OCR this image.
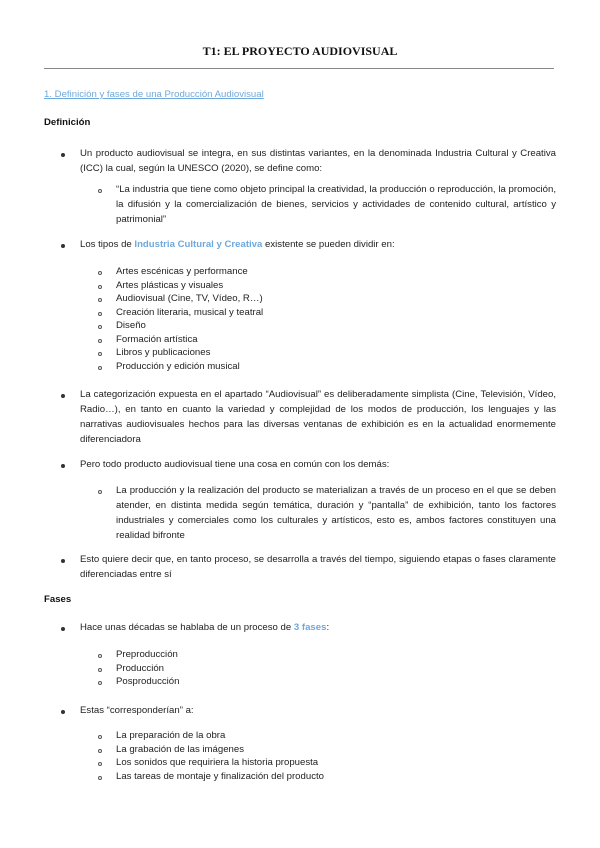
T1: EL PROYECTO AUDIOVISUAL
1. Definición y fases de una Producción Audiovisual
Definición
Un producto audiovisual se integra, en sus distintas variantes, en la denominada Industria Cultural y Creativa (ICC) la cual, según la UNESCO (2020), se define como:
“La industria que tiene como objeto principal la creatividad, la producción o reproducción, la promoción, la difusión y la comercialización de bienes, servicios y actividades de contenido cultural, artístico y patrimonial”
Los tipos de Industria Cultural y Creativa existente se pueden dividir en:
Artes escénicas y performance
Artes plásticas y visuales
Audiovisual (Cine, TV, Vídeo, R…)
Creación literaria, musical y teatral
Diseño
Formación artística
Libros y publicaciones
Producción y edición musical
La categorización expuesta en el apartado “Audiovisual” es deliberadamente simplista (Cine, Televisión, Vídeo, Radio…), en tanto en cuanto la variedad y complejidad de los modos de producción, los lenguajes y las narrativas audiovisuales hechos para las diversas ventanas de exhibición es en la actualidad enormemente diferenciadora
Pero todo producto audiovisual tiene una cosa en común con los demás:
La producción y la realización del producto se materializan a través de un proceso en el que se deben atender, en distinta medida según temática, duración y “pantalla” de exhibición, tanto los factores industriales y comerciales como los culturales y artísticos, esto es, ambos factores constituyen una realidad bifronte
Esto quiere decir que, en tanto proceso, se desarrolla a través del tiempo, siguiendo etapas o fases claramente diferenciadas entre sí
Fases
Hace unas décadas se hablaba de un proceso de 3 fases:
Preproducción
Producción
Posproducción
Estas “corresponderían” a:
La preparación de la obra
La grabación de las imágenes
Los sonidos que requiriera la historia propuesta
Las tareas de montaje y finalización del producto
